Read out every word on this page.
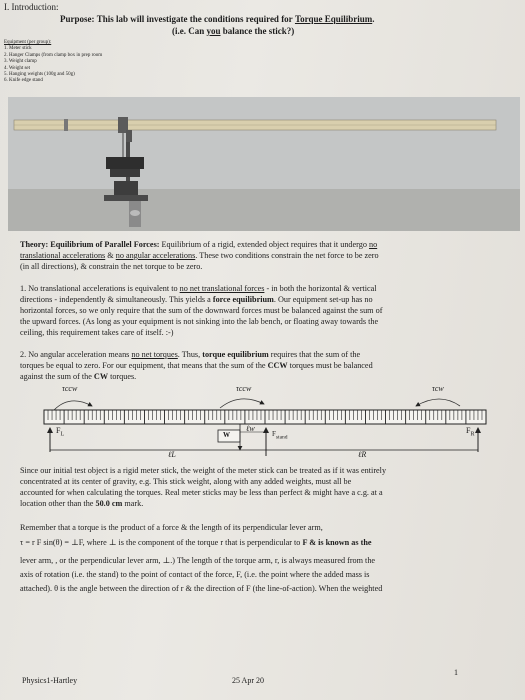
I. Introduction:
Purpose: This lab will investigate the conditions required for Torque Equilibrium.
(i.e. Can you balance the stick?)
Equipment (per group):
1. Meter stick
2. Hanger Clamps (from clamp box in prep room
3. Weight clamp
4. Weight set
5. Hanging weights (100g and 50g)
6. Knife edge stand
Theory: Equilibrium of Parallel Forces: Equilibrium of a rigid, extended object requires that it undergo no
translational accelerations & no angular accelerations. These two conditions constrain the net force to be zero
(in all directions), & constrain the net torque to be zero.
1. No translational accelerations is equivalent to no net translational forces - in both the horizontal & vertical
directions - independently & simultaneously. This yields a force equilibrium. Our equipment set-up has no
horizontal forces, so we only require that the sum of the downward forces must be balanced against the sum of
the upward forces. (As long as your equipment is not sinking into the lab bench, or floating away towards the
ceiling, this requirement takes care of itself. :-)
2. No angular acceleration means no net torques. Thus, torque equilibrium requires that the sum of the
torques be equal to zero. For our equipment, that means that the sum of the CCW torques must be balanced
against the sum of the CW torques.
τccw	τccw	τcw
$F_L$	W
ℓw
$F_{stand}$
$F_R$
ℓL	ℓR
Since our initial test object is a rigid meter stick, the weight of the meter stick can be treated as if it was entirely
concentrated at its center of gravity, e.g. This stick weight, along with any added weights, must all be
accounted for when calculating the torques. Real meter sticks may be less than perfect & might have a c.g. at a
location other than the 50.0 cm mark.
Remember that a torque is the product of a force & the length of its perpendicular lever arm,
τ = r F sin(θ) = ⊥F, where ⊥ is the component of the torque r that is perpendicular to F & is known as the
lever arm, , or the perpendicular lever arm, ⊥.) The length of the torque arm, r, is always measured from the
axis of rotation (i.e. the stand) to the point of contact of the force, F, (i.e. the point where the added mass is
attached). θ is the angle between the direction of r & the direction of F (the line-of-action). When the weighted
Physics1-Hartley	25 Apr 20
1
